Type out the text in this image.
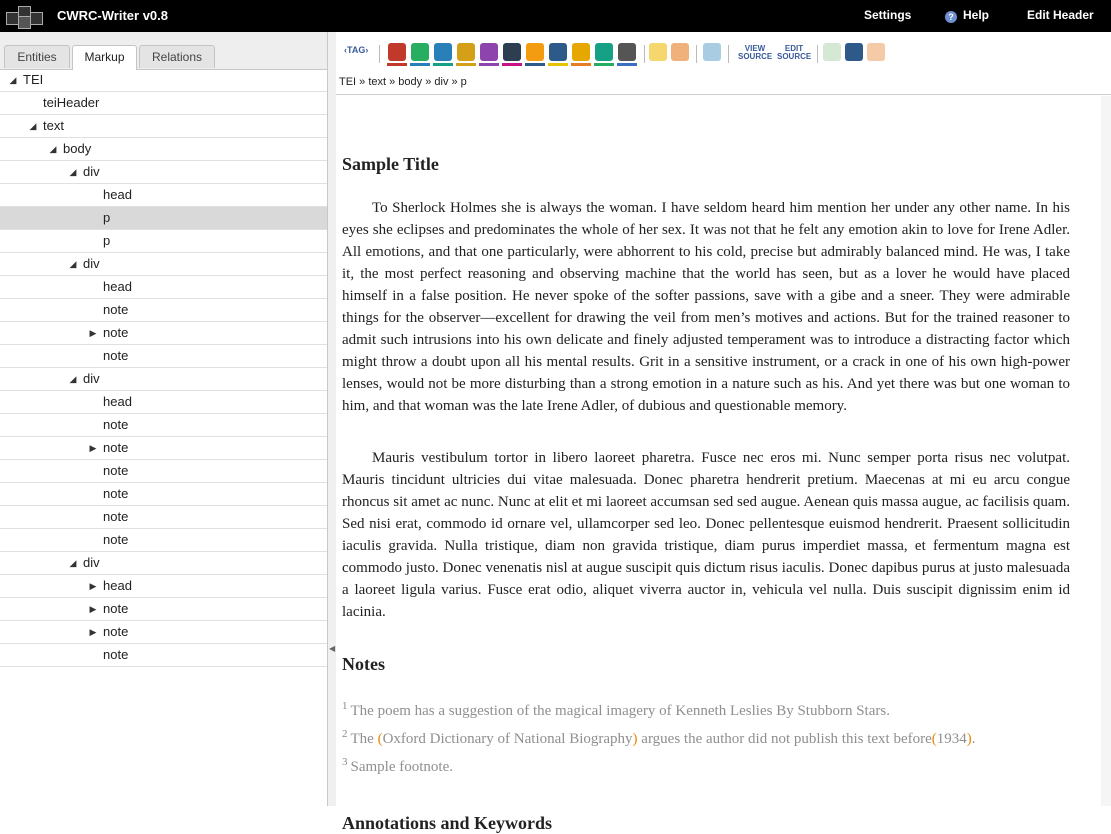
CWRC-Writer v0.8	Settings	? Help	Edit Header
Entities	Markup	Relations
◢ TEI
teiHeader
◢ text
◢ body
◢ div
head
p
p
◢ div
head
note
▶ note
note
◢ div
head
note
▶ note
note
note
note
note
◢ div
▶ head
▶ note
▶ note
note	◀
‹TAG›	VIEW SOURCE
EDIT SOURCE
TEI » text » body » div » p
Sample Title

To Sherlock Holmes she is always the woman. I have seldom heard him mention her under any other name. In his eyes she eclipses and predominates the whole of her sex. It was not that he felt any emotion akin to love for Irene Adler. All emotions, and that one particularly, were abhorrent to his cold, precise but admirably balanced mind. He was, I take it, the most perfect reasoning and observing machine that the world has seen, but as a lover he would have placed himself in a false position. He never spoke of the softer passions, save with a gibe and a sneer. They were admirable things for the observer—excellent for drawing the veil from men’s motives and actions. But for the trained reasoner to admit such intrusions into his own delicate and finely adjusted temperament was to introduce a distracting factor which might throw a doubt upon all his mental results. Grit in a sensitive instrument, or a crack in one of his own high-power lenses, would not be more disturbing than a strong emotion in a nature such as his. And yet there was but one woman to him, and that woman was the late Irene Adler, of dubious and questionable memory.

Mauris vestibulum tortor in libero laoreet pharetra. Fusce nec eros mi. Nunc semper porta risus nec volutpat. Mauris tincidunt ultricies dui vitae malesuada. Donec pharetra hendrerit pretium. Maecenas at mi eu arcu congue rhoncus sit amet ac nunc. Nunc at elit et mi laoreet accumsan sed sed augue. Aenean quis massa augue, ac facilisis quam. Sed nisi erat, commodo id ornare vel, ullamcorper sed leo. Donec pellentesque euismod hendrerit. Praesent sollicitudin iaculis gravida. Nulla tristique, diam non gravida tristique, diam purus imperdiet massa, et fermentum magna est commodo justo. Donec venenatis nisl at augue suscipit quis dictum risus iaculis. Donec dapibus purus at justo malesuada a laoreet ligula varius. Fusce erat odio, aliquet viverra auctor in, vehicula vel nulla. Duis suscipit dignissim enim id lacinia.

Notes
$^1$ The poem has a suggestion of the magical imagery of Kenneth Leslies By Stubborn Stars.
$^2$ The (Oxford Dictionary of National Biography) argues the author did not publish this text before(1934).
$^3$ Sample footnote.
Annotations and Keywords
